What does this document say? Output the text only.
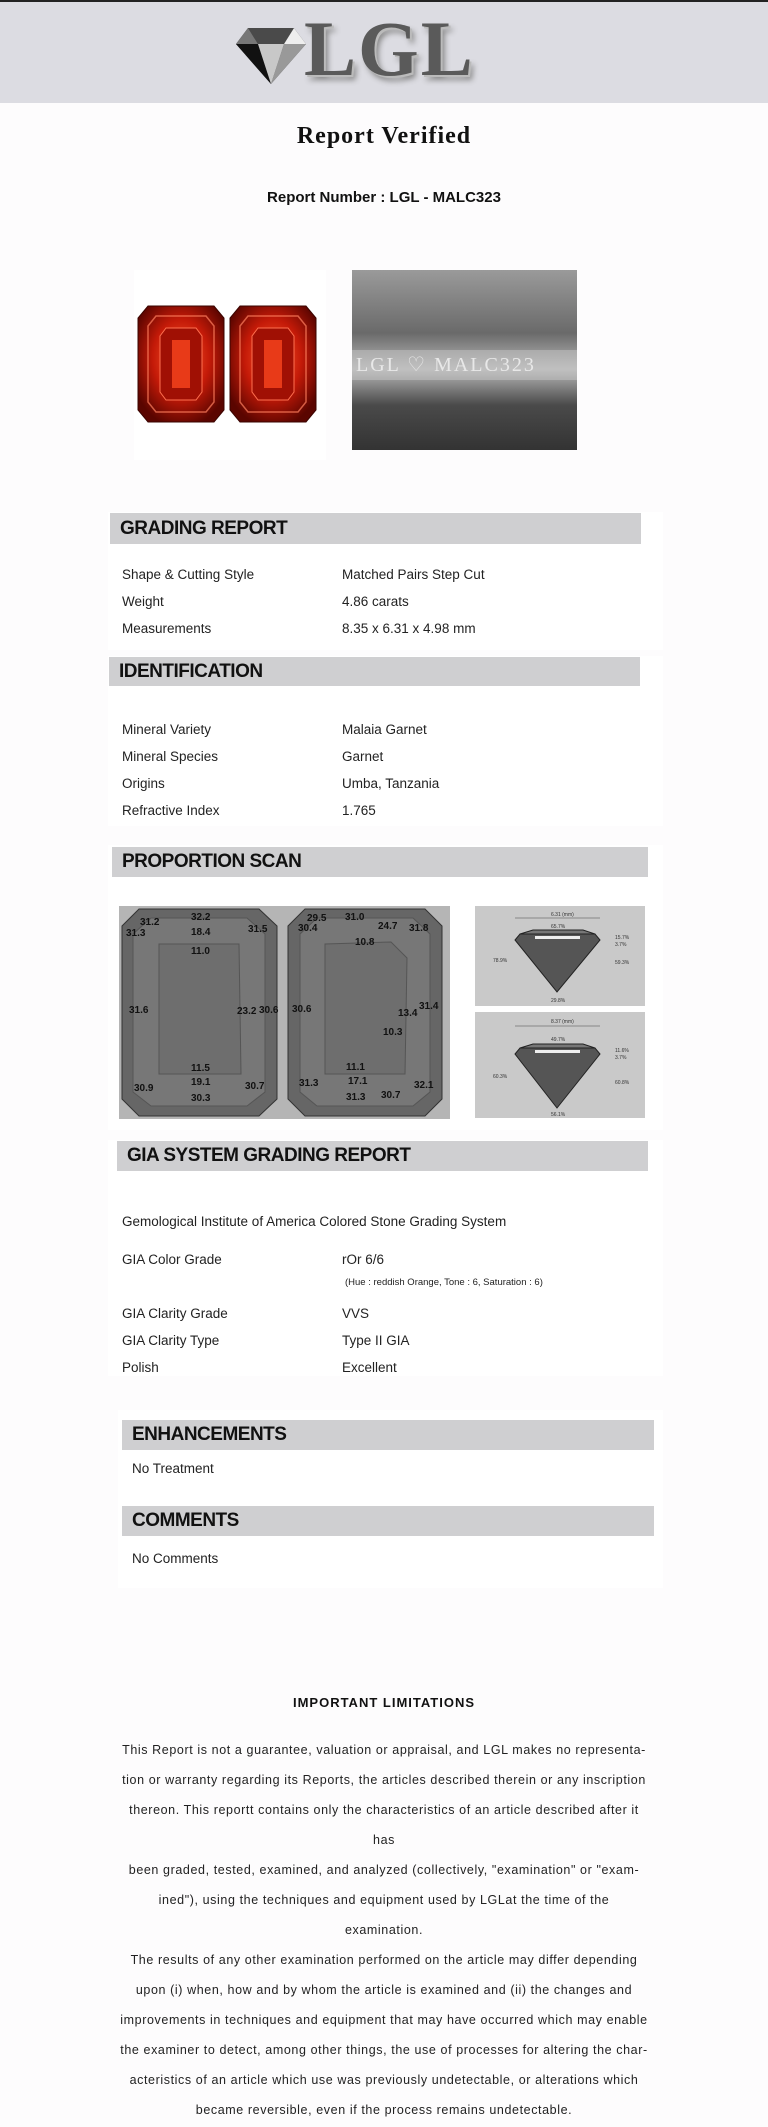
LGL
Report Verified
Report Number : LGL - MALC323
LGL ♡ MALC323
GRADING REPORT
Shape & Cutting Style	Matched Pairs Step Cut
Weight	4.86 carats
Measurements	8.35 x 6.31 x 4.98 mm
IDENTIFICATION
Mineral Variety	Malaia Garnet
Mineral Species	Garnet
Origins	Umba, Tanzania
Refractive Index	1.765
PROPORTION SCAN
32.2
31.2
31.3	18.4	31.5
11.0
31.6	23.2 30.6
11.5
19.1
30.9
30.3
30.7
29.5 31.0
30.4	24.7 31.8
10.8
30.6	31.4
13.4
10.3
11.1
17.1
31.3
31.3 30.7
32.1
6.31 (mm)
65.7%
15.7%
3.7%
78.9%	59.3%
29.8%
8.37 (mm)
49.7%
11.6%
3.7%
60.3%
60.8%
56.1%
GIA SYSTEM GRADING REPORT
Gemological Institute of America Colored Stone Grading System
GIA Color Grade	rOr 6/6
(Hue : reddish Orange, Tone : 6, Saturation : 6)
GIA Clarity Grade	VVS
GIA Clarity Type	Type II GIA
Polish	Excellent
ENHANCEMENTS
No Treatment
COMMENTS
No Comments
IMPORTANT LIMITATIONS
This Report is not a guarantee, valuation or appraisal, and LGL makes no representa-
tion or warranty regarding its Reports, the articles described therein or any inscription
thereon. This reportt contains only the characteristics of an article described after it has
been graded, tested, examined, and analyzed (collectively, "examination" or "exam-
ined"), using the techniques and equipment used by LGLat the time of the examination.
The results of any other examination performed on the article may differ depending
upon (i) when, how and by whom the article is examined and (ii) the changes and
improvements in techniques and equipment that may have occurred which may enable
the examiner to detect, among other things, the use of processes for altering the char-
acteristics of an article which use was previously undetectable, or alterations which
became reversible, even if the process remains undetectable.
